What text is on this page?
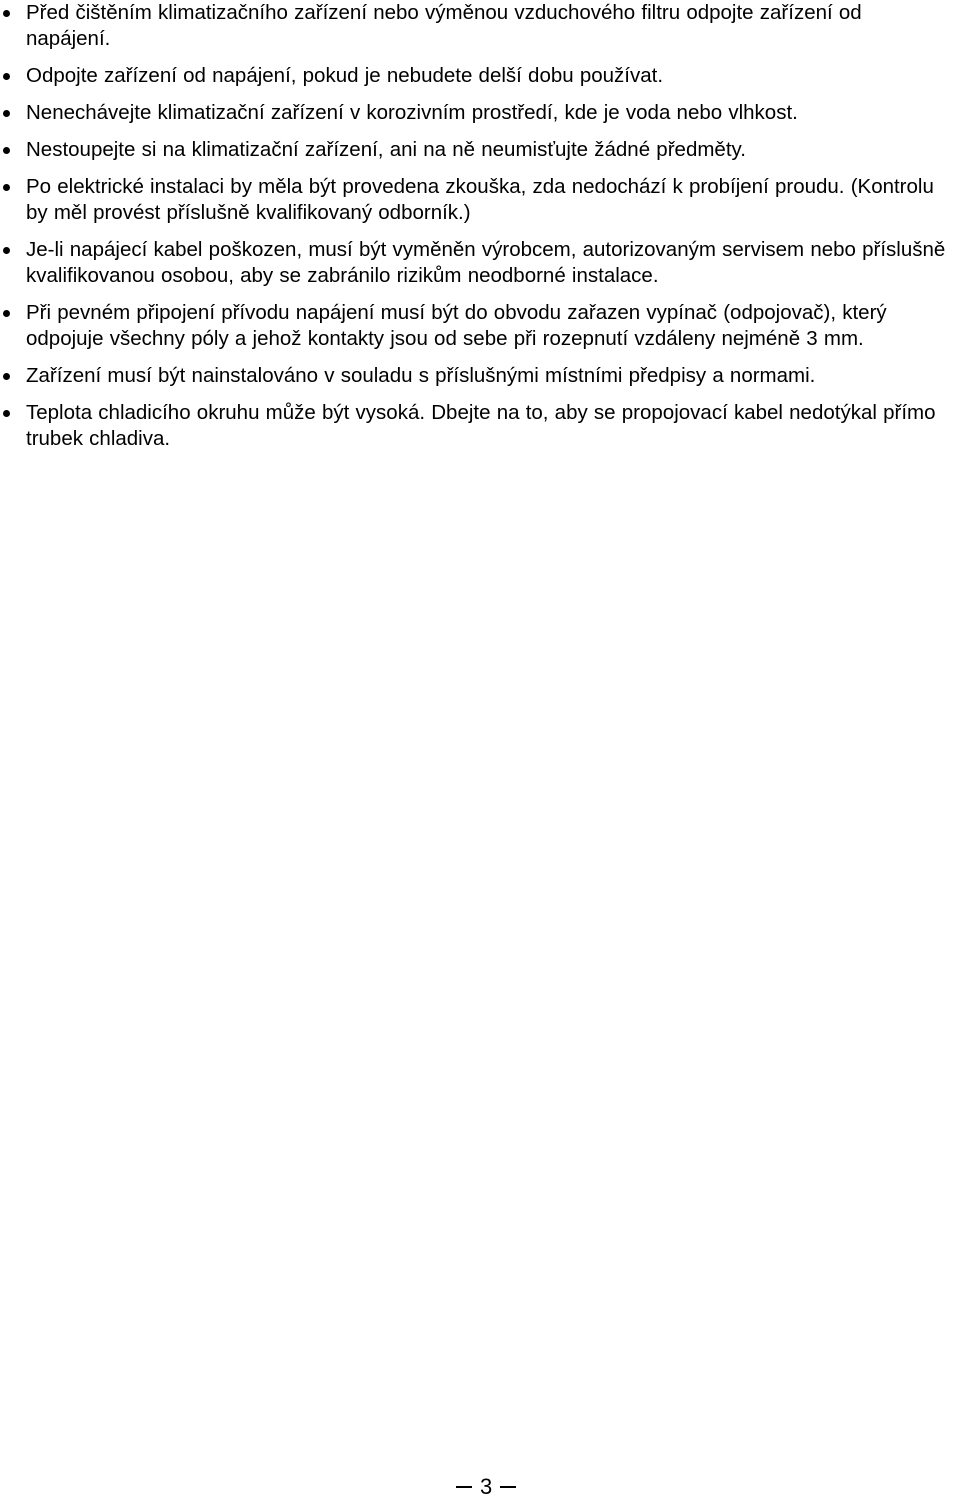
Před čištěním klimatizačního zařízení nebo výměnou vzduchového filtru odpojte zařízení od napájení.
Odpojte zařízení od napájení, pokud je nebudete delší dobu používat.
Nenechávejte klimatizační zařízení v korozivním prostředí, kde je voda nebo vlhkost.
Nestoupejte si na klimatizační zařízení, ani na ně neumisťujte žádné předměty.
Po elektrické instalaci by měla být provedena zkouška, zda nedochází k probíjení proudu. (Kontrolu by měl provést příslušně kvalifikovaný odborník.)
Je-li napájecí kabel poškozen, musí být vyměněn výrobcem, autorizovaným servisem nebo příslušně kvalifikovanou osobou, aby se zabránilo rizikům neodborné instalace.
Při pevném připojení přívodu napájení musí být do obvodu zařazen vypínač (odpojovač), který odpojuje všechny póly a jehož kontakty jsou od sebe při rozepnutí vzdáleny nejméně 3 mm.
Zařízení musí být nainstalováno v souladu s příslušnými místními předpisy a normami.
Teplota chladicího okruhu může být vysoká. Dbejte na to, aby se propojovací kabel nedotýkal přímo trubek chladiva.
3
